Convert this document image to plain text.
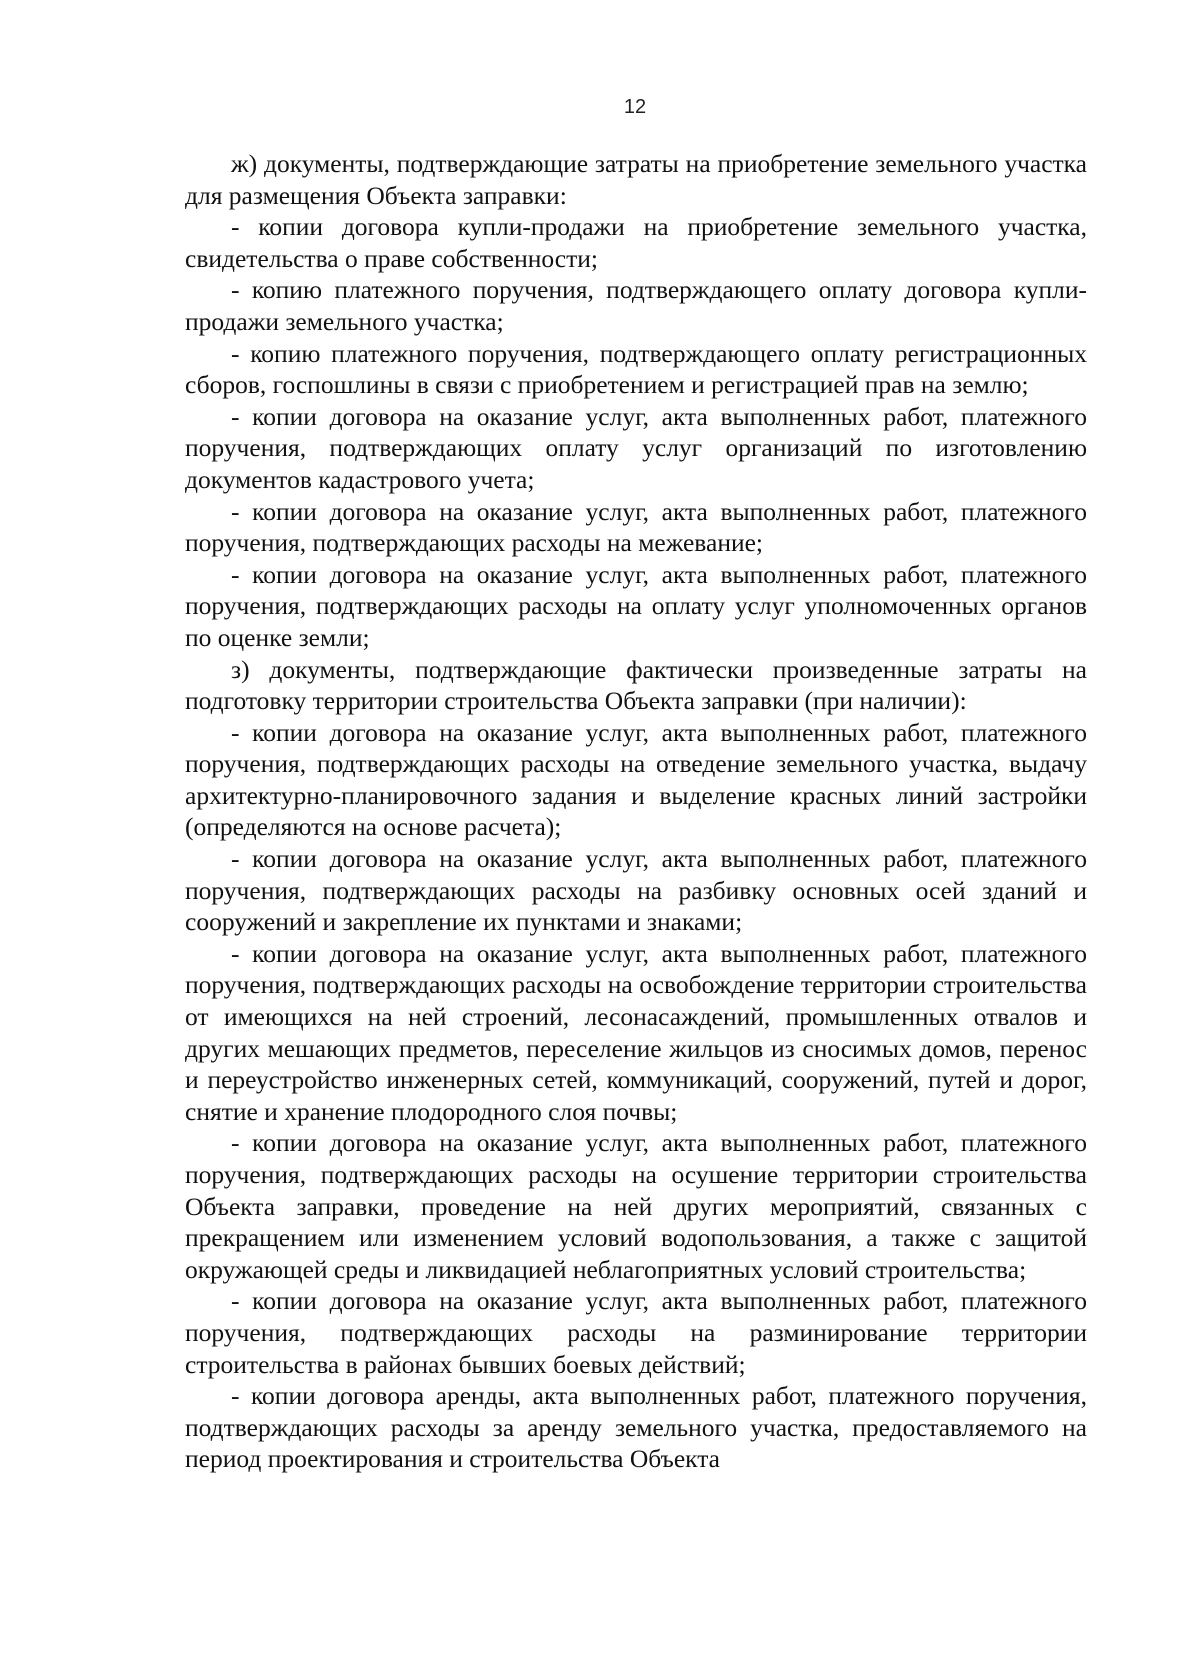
12

ж) документы, подтверждающие затраты на приобретение земельного участка для размещения Объекта заправки:

- копии договора купли-продажи на приобретение земельного участка, свидетельства о праве собственности;

- копию платежного поручения, подтверждающего оплату договора купли-продажи земельного участка;

- копию платежного поручения, подтверждающего оплату регистрационных сборов, госпошлины в связи с приобретением и регистрацией прав на землю;

- копии договора на оказание услуг, акта выполненных работ, платежного поручения, подтверждающих оплату услуг организаций по изготовлению документов кадастрового учета;

- копии договора на оказание услуг, акта выполненных работ, платежного поручения, подтверждающих расходы на межевание;

- копии договора на оказание услуг, акта выполненных работ, платежного поручения, подтверждающих расходы на оплату услуг уполномоченных органов по оценке земли;

з) документы, подтверждающие фактически произведенные затраты на подготовку территории строительства Объекта заправки (при наличии):

- копии договора на оказание услуг, акта выполненных работ, платежного поручения, подтверждающих расходы на отведение земельного участка, выдачу архитектурно-планировочного задания и выделение красных линий застройки (определяются на основе расчета);

- копии договора на оказание услуг, акта выполненных работ, платежного поручения, подтверждающих расходы на разбивку основных осей зданий и сооружений и закрепление их пунктами и знаками;

- копии договора на оказание услуг, акта выполненных работ, платежного поручения, подтверждающих расходы на освобождение территории строительства от имеющихся на ней строений, лесонасаждений, промышленных отвалов и других мешающих предметов, переселение жильцов из сносимых домов, перенос и переустройство инженерных сетей, коммуникаций, сооружений, путей и дорог, снятие и хранение плодородного слоя почвы;

- копии договора на оказание услуг, акта выполненных работ, платежного поручения, подтверждающих расходы на осушение территории строительства Объекта заправки, проведение на ней других мероприятий, связанных с прекращением или изменением условий водопользования, а также с защитой окружающей среды и ликвидацией неблагоприятных условий строительства;

- копии договора на оказание услуг, акта выполненных работ, платежного поручения, подтверждающих расходы на разминирование территории строительства в районах бывших боевых действий;

- копии договора аренды, акта выполненных работ, платежного поручения, подтверждающих расходы за аренду земельного участка, предоставляемого на период проектирования и строительства Объекта
